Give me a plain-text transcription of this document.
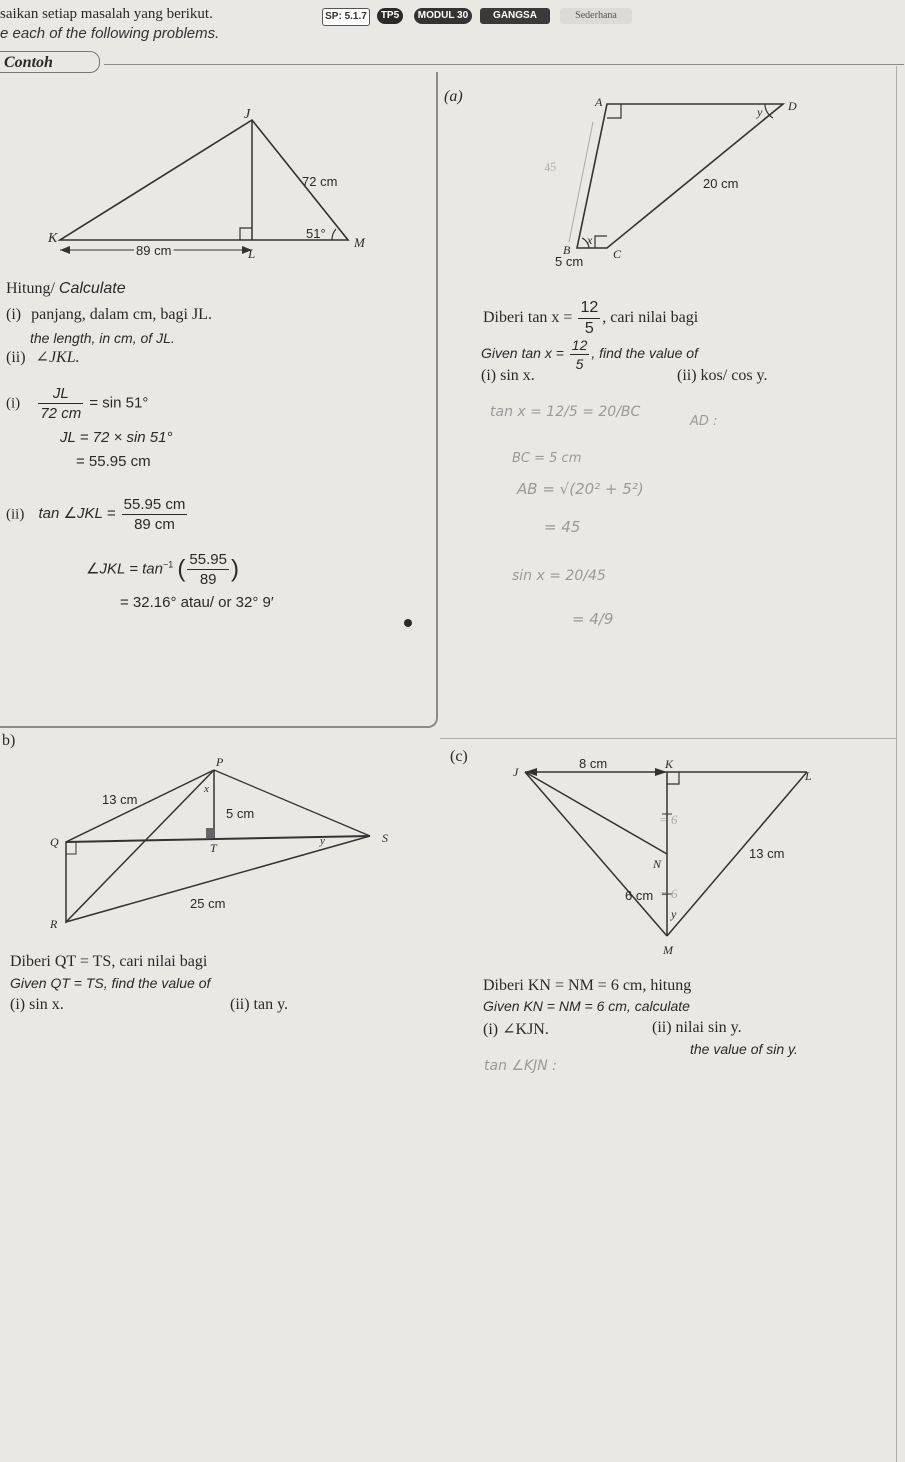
saikan setiap masalah yang berikut.
e each of the following problems.
SP: 5.1.7	TP5	MODUL 30	GANGSA	Sederhana
Contoh
J
K
L
M
72 cm
89 cm
51°
Hitung/ Calculate
(i) panjang, dalam cm, bagi JL.
the length, in cm, of JL.
(ii) ∠JKL.
$(i) \frac{JL}{72 cm} = \sin 51^\circ$
JL = 72 × sin 51°
= 55.95 cm
(ii) tan ∠JKL = $\frac{55.95 cm}{89 cm}$
∠JKL = $\tan^{-1}$ ( $\frac{55.95}{89}$ )
= 32.16° atau/ or 32° 9′
(a)	A	D
B	C
x
y
20 cm
5 cm
45
Diberi $\tan x = \frac{12}{5}$ , cari nilai bagi
Given $\tan x = \frac{12}{5}$ , find the value of
(i) sin x.	(ii) kos/ cos y.
tan x = 12/5 = 20/BC
AD :
BC = 5 cm
AB = √(20² + 5²)
= 45
sin x = 20/45
= 4/9
b)
P
Q
R
S
T
x
y
13 cm
5 cm
25 cm
Diberi QT = TS, cari nilai bagi
Given QT = TS, find the value of
(i) sin x.	(ii) tan y.
(c)
J
K
L
N
M
y
8 cm
13 cm
6 cm
= 6
= 6
Diberi KN = NM = 6 cm, hitung
Given KN = NM = 6 cm, calculate
(i) ∠KJN.	(ii) nilai sin y.
the value of sin y.
tan ∠KJN :
